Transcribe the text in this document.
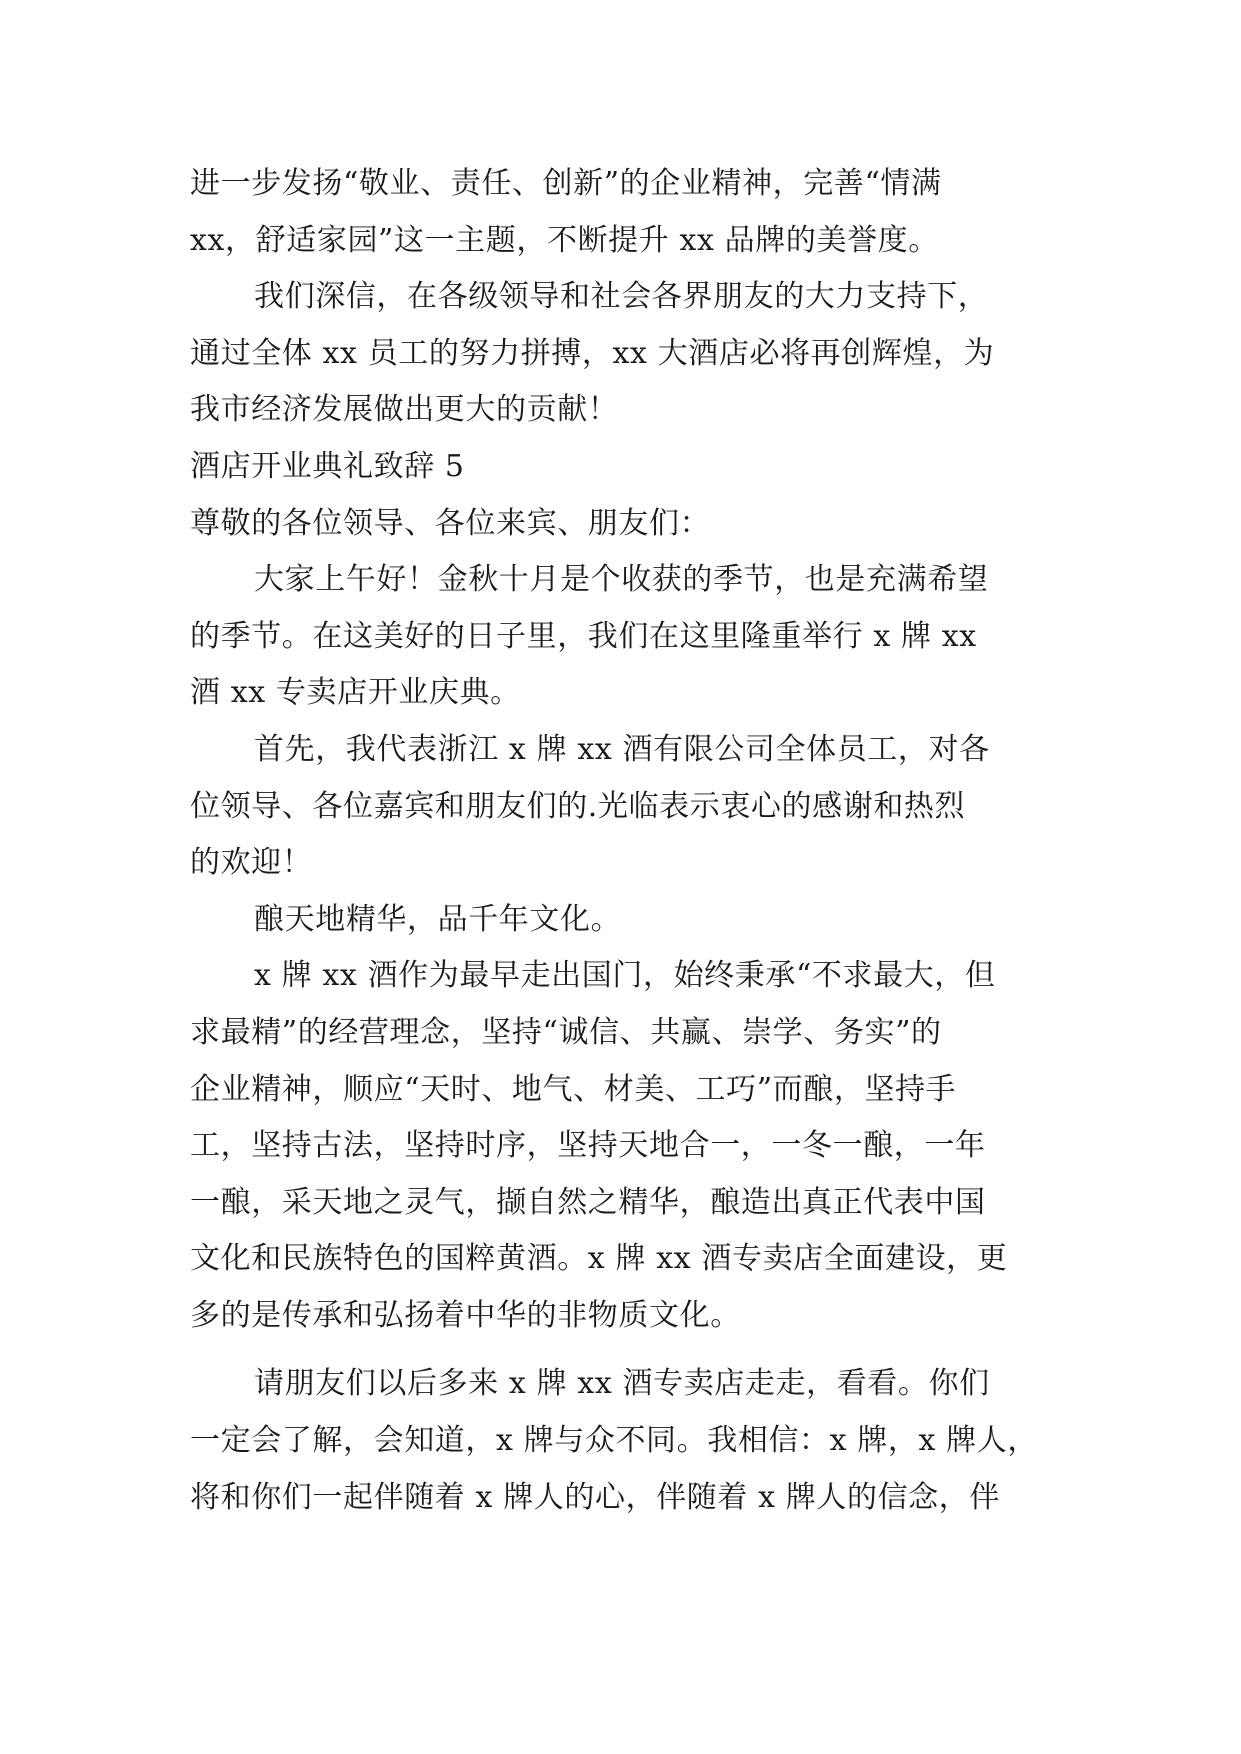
进一步发扬“敬业、责任、创新”的企业精神，完善“情满

xx，舒适家园”这一主题，不断提升 xx 品牌的美誉度。

我们深信，在各级领导和社会各界朋友的大力支持下，

通过全体 xx 员工的努力拼搏，xx 大酒店必将再创辉煌，为

我市经济发展做出更大的贡献！

酒店开业典礼致辞 5

尊敬的各位领导、各位来宾、朋友们：

大家上午好！金秋十月是个收获的季节，也是充满希望

的季节。在这美好的日子里，我们在这里隆重举行 x 牌 xx

酒 xx 专卖店开业庆典。

首先，我代表浙江 x 牌 xx 酒有限公司全体员工，对各

位领导、各位嘉宾和朋友们的.光临表示衷心的感谢和热烈

的欢迎！

酿天地精华，品千年文化。

x 牌 xx 酒作为最早走出国门，始终秉承“不求最大，但

求最精”的经营理念，坚持“诚信、共赢、崇学、务实”的

企业精神，顺应“天时、地气、材美、工巧”而酿，坚持手

工，坚持古法，坚持时序，坚持天地合一，一冬一酿，一年

一酿，采天地之灵气，撷自然之精华，酿造出真正代表中国

文化和民族特色的国粹黄酒。x 牌 xx 酒专卖店全面建设，更

多的是传承和弘扬着中华的非物质文化。

请朋友们以后多来 x 牌 xx 酒专卖店走走，看看。你们

一定会了解，会知道，x 牌与众不同。我相信：x 牌，x 牌人，

将和你们一起伴随着 x 牌人的心，伴随着 x 牌人的信念，伴
